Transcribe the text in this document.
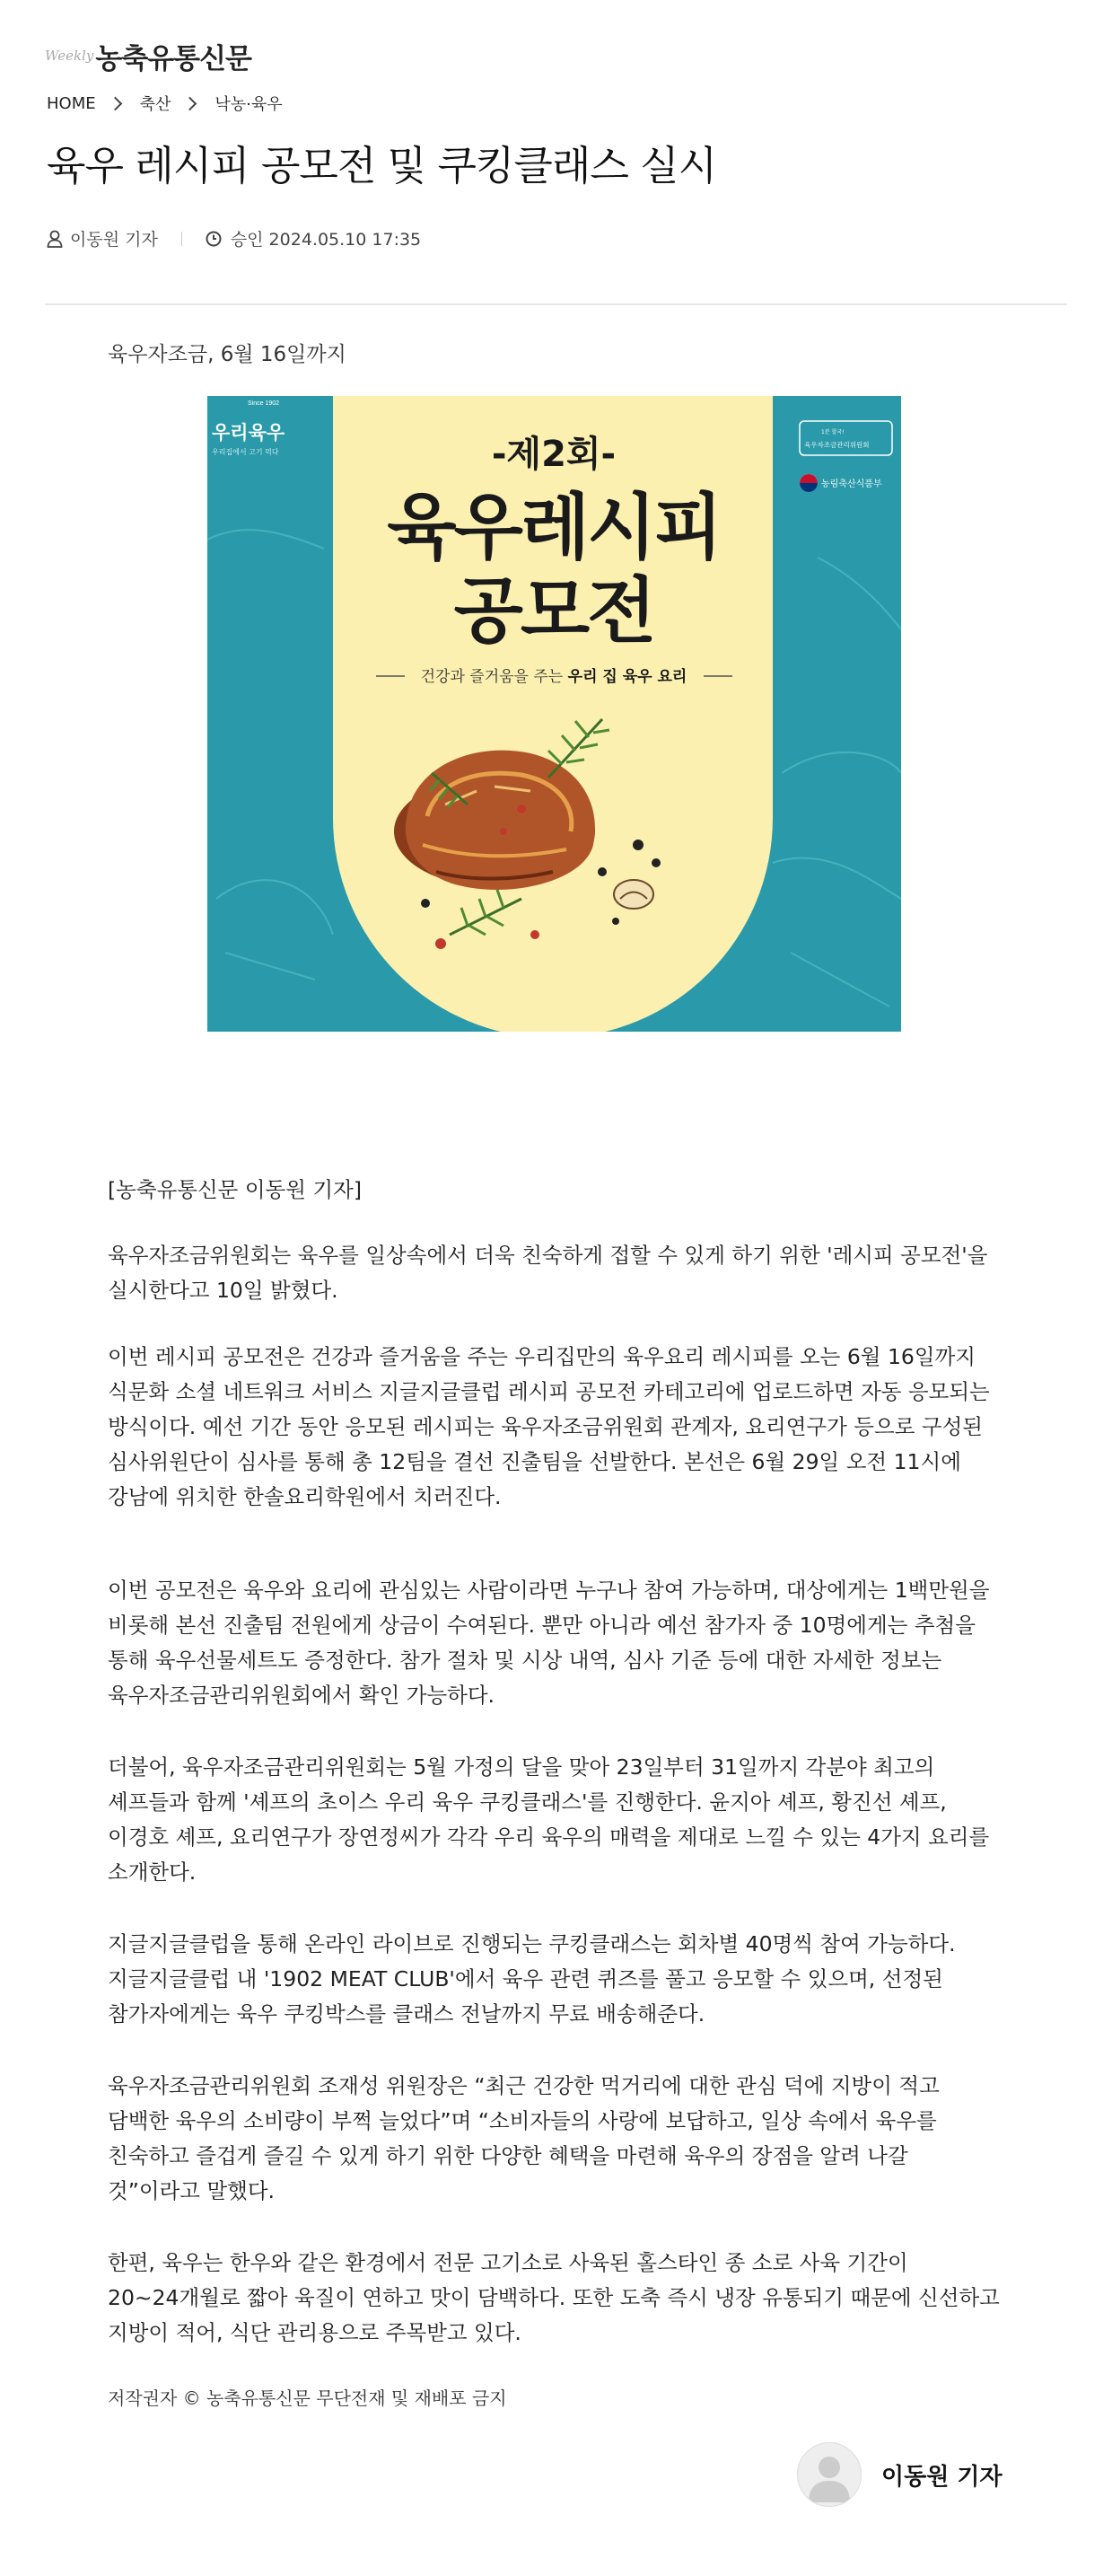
Weekly 농축유통신문
HOME	축산	낙농·육우
육우 레시피 공모전 및 쿠킹클래스 실시
이동원 기자	승인 2024.05.10 17:35
육우자조금, 6월 16일까지
Since 1902
우리육우
우리집에서 고기 먹다
1분 할국!
육우자조금관리위원회
농림축산식품부
-제2회-
육우레시피
공모전
건강과 즐거움을 주는 우리 집 육우 요리

[농축유통신문 이동원 기자]

육우자조금위원회는 육우를 일상속에서 더욱 친숙하게 접할 수 있게 하기 위한 '레시피 공모전'을 실시한다고 10일 밝혔다.

이번 레시피 공모전은 건강과 즐거움을 주는 우리집만의 육우요리 레시피를 오는 6월 16일까지 식문화 소셜 네트워크 서비스 지글지글클럽 레시피 공모전 카테고리에 업로드하면 자동 응모되는 방식이다. 예선 기간 동안 응모된 레시피는 육우자조금위원회 관계자, 요리연구가 등으로 구성된 심사위원단이 심사를 통해 총 12팀을 결선 진출팀을 선발한다. 본선은 6월 29일 오전 11시에 강남에 위치한 한솔요리학원에서 치러진다.

이번 공모전은 육우와 요리에 관심있는 사람이라면 누구나 참여 가능하며, 대상에게는 1백만원을 비롯해 본선 진출팀 전원에게 상금이 수여된다. 뿐만 아니라 예선 참가자 중 10명에게는 추첨을 통해 육우선물세트도 증정한다. 참가 절차 및 시상 내역, 심사 기준 등에 대한 자세한 정보는 육우자조금관리위원회에서 확인 가능하다.

더불어, 육우자조금관리위원회는 5월 가정의 달을 맞아 23일부터 31일까지 각분야 최고의 셰프들과 함께 '셰프의 초이스 우리 육우 쿠킹클래스'를 진행한다. 윤지아 셰프, 황진선 셰프, 이경호 셰프, 요리연구가 장연정씨가 각각 우리 육우의 매력을 제대로 느낄 수 있는 4가지 요리를 소개한다.

지글지글클럽을 통해 온라인 라이브로 진행되는 쿠킹클래스는 회차별 40명씩 참여 가능하다. 지글지글클럽 내 '1902 MEAT CLUB'에서 육우 관련 퀴즈를 풀고 응모할 수 있으며, 선정된 참가자에게는 육우 쿠킹박스를 클래스 전날까지 무료 배송해준다.

육우자조금관리위원회 조재성 위원장은 “최근 건강한 먹거리에 대한 관심 덕에 지방이 적고 담백한 육우의 소비량이 부쩍 늘었다”며 “소비자들의 사랑에 보답하고, 일상 속에서 육우를 친숙하고 즐겁게 즐길 수 있게 하기 위한 다양한 혜택을 마련해 육우의 장점을 알려 나갈 것”이라고 말했다.

한편, 육우는 한우와 같은 환경에서 전문 고기소로 사육된 홀스타인 종 소로 사육 기간이 20~24개월로 짧아 육질이 연하고 맛이 담백하다. 또한 도축 즉시 냉장 유통되기 때문에 신선하고 지방이 적어, 식단 관리용으로 주목받고 있다.

저작권자 © 농축유통신문 무단전재 및 재배포 금지
이동원 기자
